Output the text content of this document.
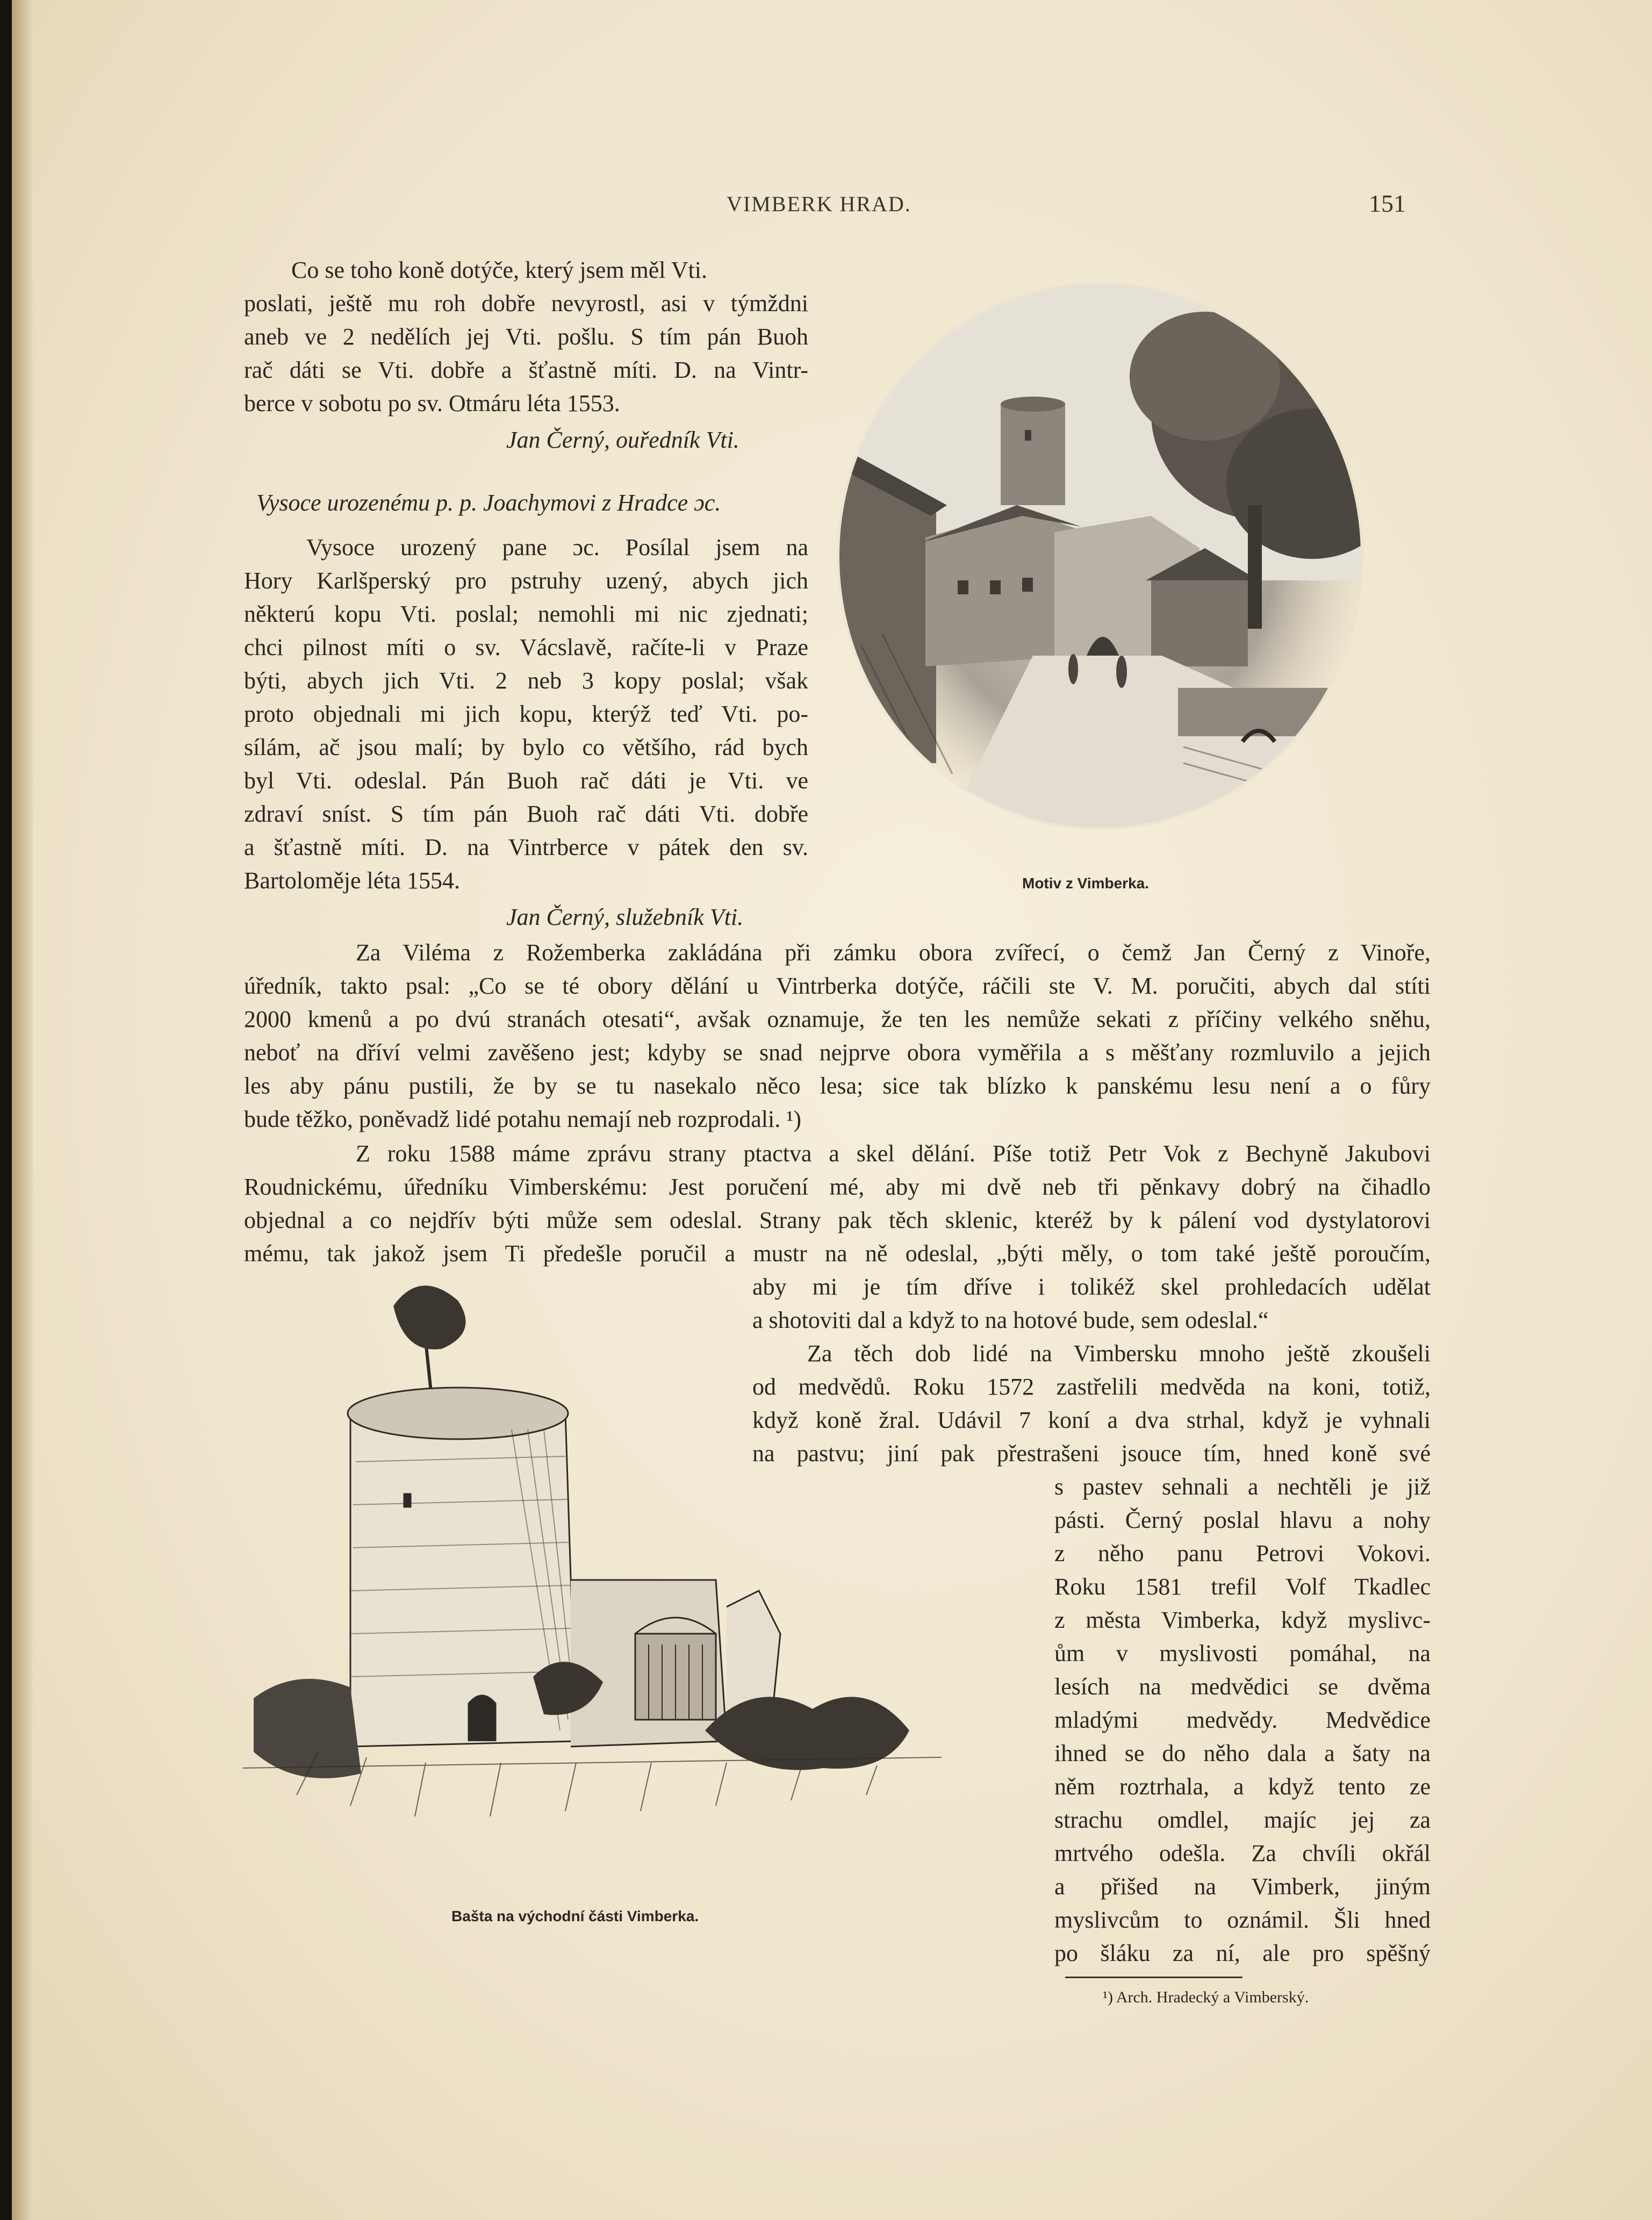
VIMBERK HRAD.	151
Co se toho koně dotýče, který jsem měl Vti.
poslati, ještě mu roh dobře nevyrostl, asi v týmždni
aneb ve 2 nedělích jej Vti. pošlu. S tím pán Buoh
rač dáti se Vti. dobře a šťastně míti. D. na Vintr-
berce v sobotu po sv. Otmáru léta 1553.
Jan Černý, ouředník Vti.
Vysoce urozenému p. p. Joachymovi z Hradce ɔc.
Vysoce urozený pane ɔc. Posílal jsem na
Hory Karlšperský pro pstruhy uzený, abych jich
některú kopu Vti. poslal; nemohli mi nic zjednati;
chci pilnost míti o sv. Vácslavě, račíte-li v Praze
býti, abych jich Vti. 2 neb 3 kopy poslal; však
proto objednali mi jich kopu, kterýž teď Vti. po-
sílám, ač jsou malí; by bylo co většího, rád bych
byl Vti. odeslal. Pán Buoh rač dáti je Vti. ve
zdraví sníst. S tím pán Buoh rač dáti Vti. dobře
a šťastně míti. D. na Vintrberce v pátek den sv.
Bartoloměje léta 1554.
Jan Černý, služebník Vti.
Motiv z Vimberka.
Za Viléma z Rožemberka zakládána při zámku obora zvířecí, o čemž Jan Černý z Vinoře,
úředník, takto psal: „Co se té obory dělání u Vintrberka dotýče, ráčili ste V. M. poručiti, abych dal stíti
2000 kmenů a po dvú stranách otesati“, avšak oznamuje, že ten les nemůže sekati z příčiny velkého sněhu,
neboť na dříví velmi zavěšeno jest; kdyby se snad nejprve obora vyměřila a s měšťany rozmluvilo a jejich
les aby pánu pustili, že by se tu nasekalo něco lesa; sice tak blízko k panskému lesu není a o fůry
bude těžko, poněvadž lidé potahu nemají neb rozprodali. ¹)
Z roku 1588 máme zprávu strany ptactva a skel dělání. Píše totiž Petr Vok z Bechyně Jakubovi
Roudnickému, úředníku Vimberskému: Jest poručení mé, aby mi dvě neb tři pěnkavy dobrý na čihadlo
objednal a co nejdřív býti může sem odeslal. Strany pak těch sklenic, kteréž by k pálení vod dystylatorovi
mému, tak jakož jsem Ti předešle poručil a mustr na ně odeslal, „býti měly, o tom také ještě poroučím,
aby mi je tím dříve i tolikéž skel prohledacích udělat
a shotoviti dal a když to na hotové bude, sem odeslal.“
Za těch dob lidé na Vimbersku mnoho ještě zkoušeli
od medvědů. Roku 1572 zastřelili medvěda na koni, totiž,
když koně žral. Udávil 7 koní a dva strhal, když je vyhnali
na pastvu; jiní pak přestrašeni jsouce tím, hned koně své
s pastev sehnali a nechtěli je již
pásti. Černý poslal hlavu a nohy
z něho panu Petrovi Vokovi.
Roku 1581 trefil Volf Tkadlec
z města Vimberka, když myslivc-
ům v myslivosti pomáhal, na
lesích na medvědici se dvěma
mladými medvědy. Medvědice
ihned se do něho dala a šaty na
něm roztrhala, a když tento ze
strachu omdlel, majíc jej za
mrtvého odešla. Za chvíli okřál
a přišed na Vimberk, jiným
myslivcům to oznámil. Šli hned
po šláku za ní, ale pro spěšný
Bašta na východní části Vimberka.
¹) Arch. Hradecký a Vimberský.
